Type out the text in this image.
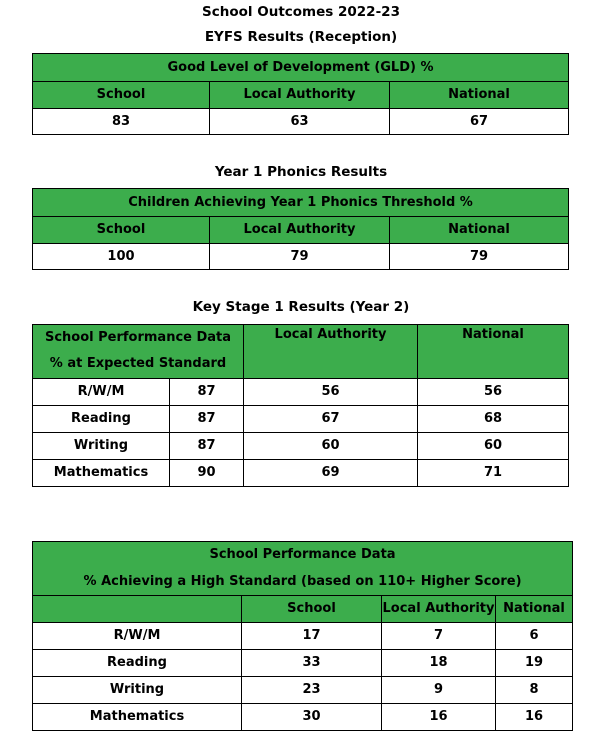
School Outcomes 2022-23
EYFS Results (Reception)
Good Level of Development (GLD) %		
School	Local Authority	National
83	63	67
Year 1 Phonics Results
Children Achieving Year 1 Phonics Threshold %		
School	Local Authority	National
100	79	79
Key Stage 1 Results (Year 2)
School Performance Data		Local Authority	National
% at Expected Standard			
R/W/M	87	56	56
Reading	87	67	68
Writing	87	60	60
Mathematics	90	69	71
School Performance Data			
% Achieving a High Standard (based on 110+ Higher Score)			
	School	Local Authority	National
R/W/M	17	7	6
Reading	33	18	19
Writing	23	9	8
Mathematics	30	16	16
